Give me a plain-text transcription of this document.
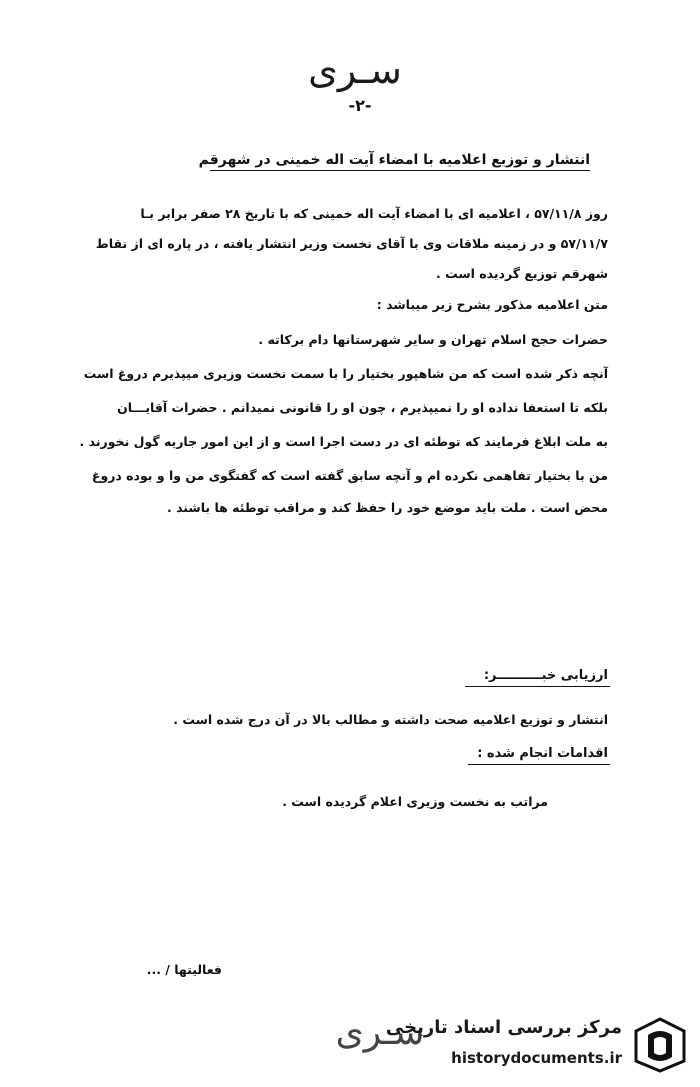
سـری
-۲-
انتشار و توزیع اعلامیه با امضاء آیت اله خمینی در شهرقم
روز ۵۷/۱۱/۸ ، اعلامیه ای با امضاء آیت اله خمینی که با تاریخ ۲۸ صفر برابر بـا
۵۷/۱۱/۷ و در زمینه ملاقات وی با آقای نخست وزیر انتشار یافته ، در پاره ای از نقاط
شهرقم توزیع گردیده است .
متن اعلامیه مذکور بشرح زیر میباشد :
حضرات حجج اسلام تهران و سایر شهرستانها دام برکاته .
آنچه ذکر شده است که من شاهپور بختیار را با سمت نخست وزیری میپذیرم دروغ است
بلکه تا استعفا نداده او را نمیپذیرم ، چون او را قانونی نمیدانم . حضرات آقایـــان
به ملت ابلاغ فرمایند که توطئه ای در دست اجرا است و از این امور جاریه گول نخورند .
من با بختیار تفاهمی نکرده ام و آنچه سابق گفته است که گفتگوی من وا و بوده دروغ
محض است . ملت باید موضع خود را حفظ کند و مراقب توطئه ها باشند .
ارزیابی خبــــــــــر:
انتشار و توزیع اعلامیه صحت داشته و مطالب بالا در آن درج شده است .
اقدامات انجام شده :
مراتب به نخست وزیری اعلام گردیده است .
فعالیتها / ...
سـری
مرکز بررسی اسناد تاریخی
historydocuments.ir
